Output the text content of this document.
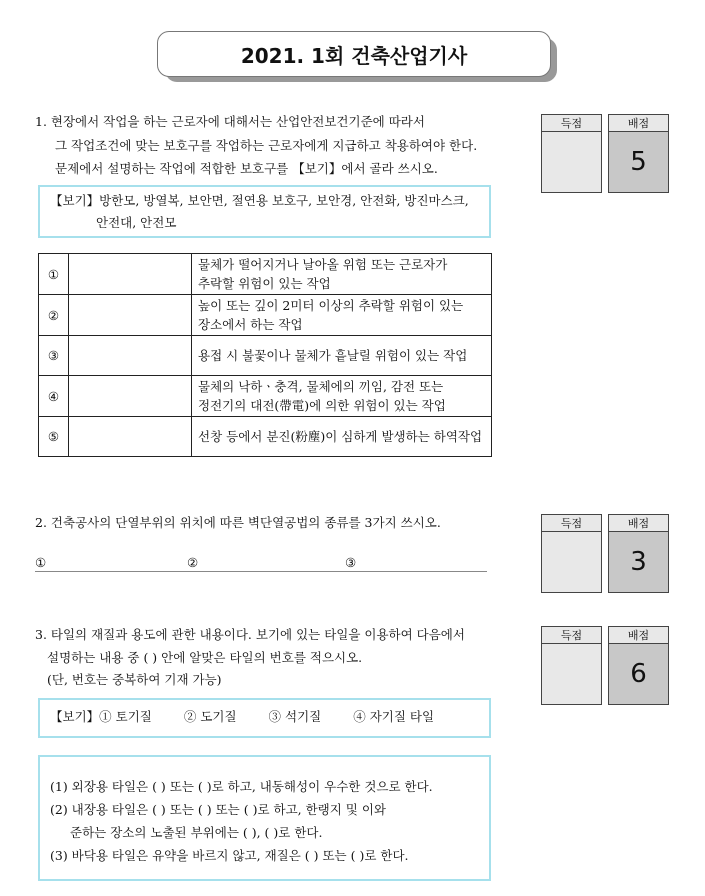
2021. 1회 건축산업기사
1. 현장에서 작업을 하는 근로자에 대해서는 산업안전보건기준에 따라서
그 작업조건에 맞는 보호구를 작업하는 근로자에게 지급하고 착용하여야 한다.
문제에서 설명하는 작업에 적합한 보호구를 【보기】에서 골라 쓰시오.
득점	배점
5
【보기】방한모, 방열복, 보안면, 절연용 보호구, 보안경, 안전화, 방진마스크,
안전대, 안전모
①		물체가 떨어지거나 날아올 위험 또는 근로자가
추락할 위험이 있는 작업

②		높이 또는 깊이 2미터 이상의 추락할 위험이 있는
장소에서 하는 작업

③		용접 시 불꽃이나 물체가 흩날릴 위험이 있는 작업

④		물체의 낙하ㆍ충격, 물체에의 끼임, 감전 또는
정전기의 대전(帶電)에 의한 위험이 있는 작업

⑤		선창 등에서 분진(粉塵)이 심하게 발생하는 하역작업
2. 건축공사의 단열부위의 위치에 따른 벽단열공법의 종류를 3가지 쓰시오.	득점	배점
3
①	②	③
3. 타일의 재질과 용도에 관한 내용이다. 보기에 있는 타일을 이용하여 다음에서
설명하는 내용 중 ( ) 안에 알맞은 타일의 번호를 적으시오.
(단, 번호는 중복하여 기재 가능)
득점	배점
6
【보기】① 토기질	② 도기질	③ 석기질	④ 자기질 타일
(1) 외장용 타일은 ( ) 또는 ( )로 하고, 내동해성이 우수한 것으로 한다.
(2) 내장용 타일은 ( ) 또는 ( ) 또는 ( )로 하고, 한랭지 및 이와
준하는 장소의 노출된 부위에는 ( ), ( )로 한다.
(3) 바닥용 타일은 유약을 바르지 않고, 재질은 ( ) 또는 ( )로 한다.
